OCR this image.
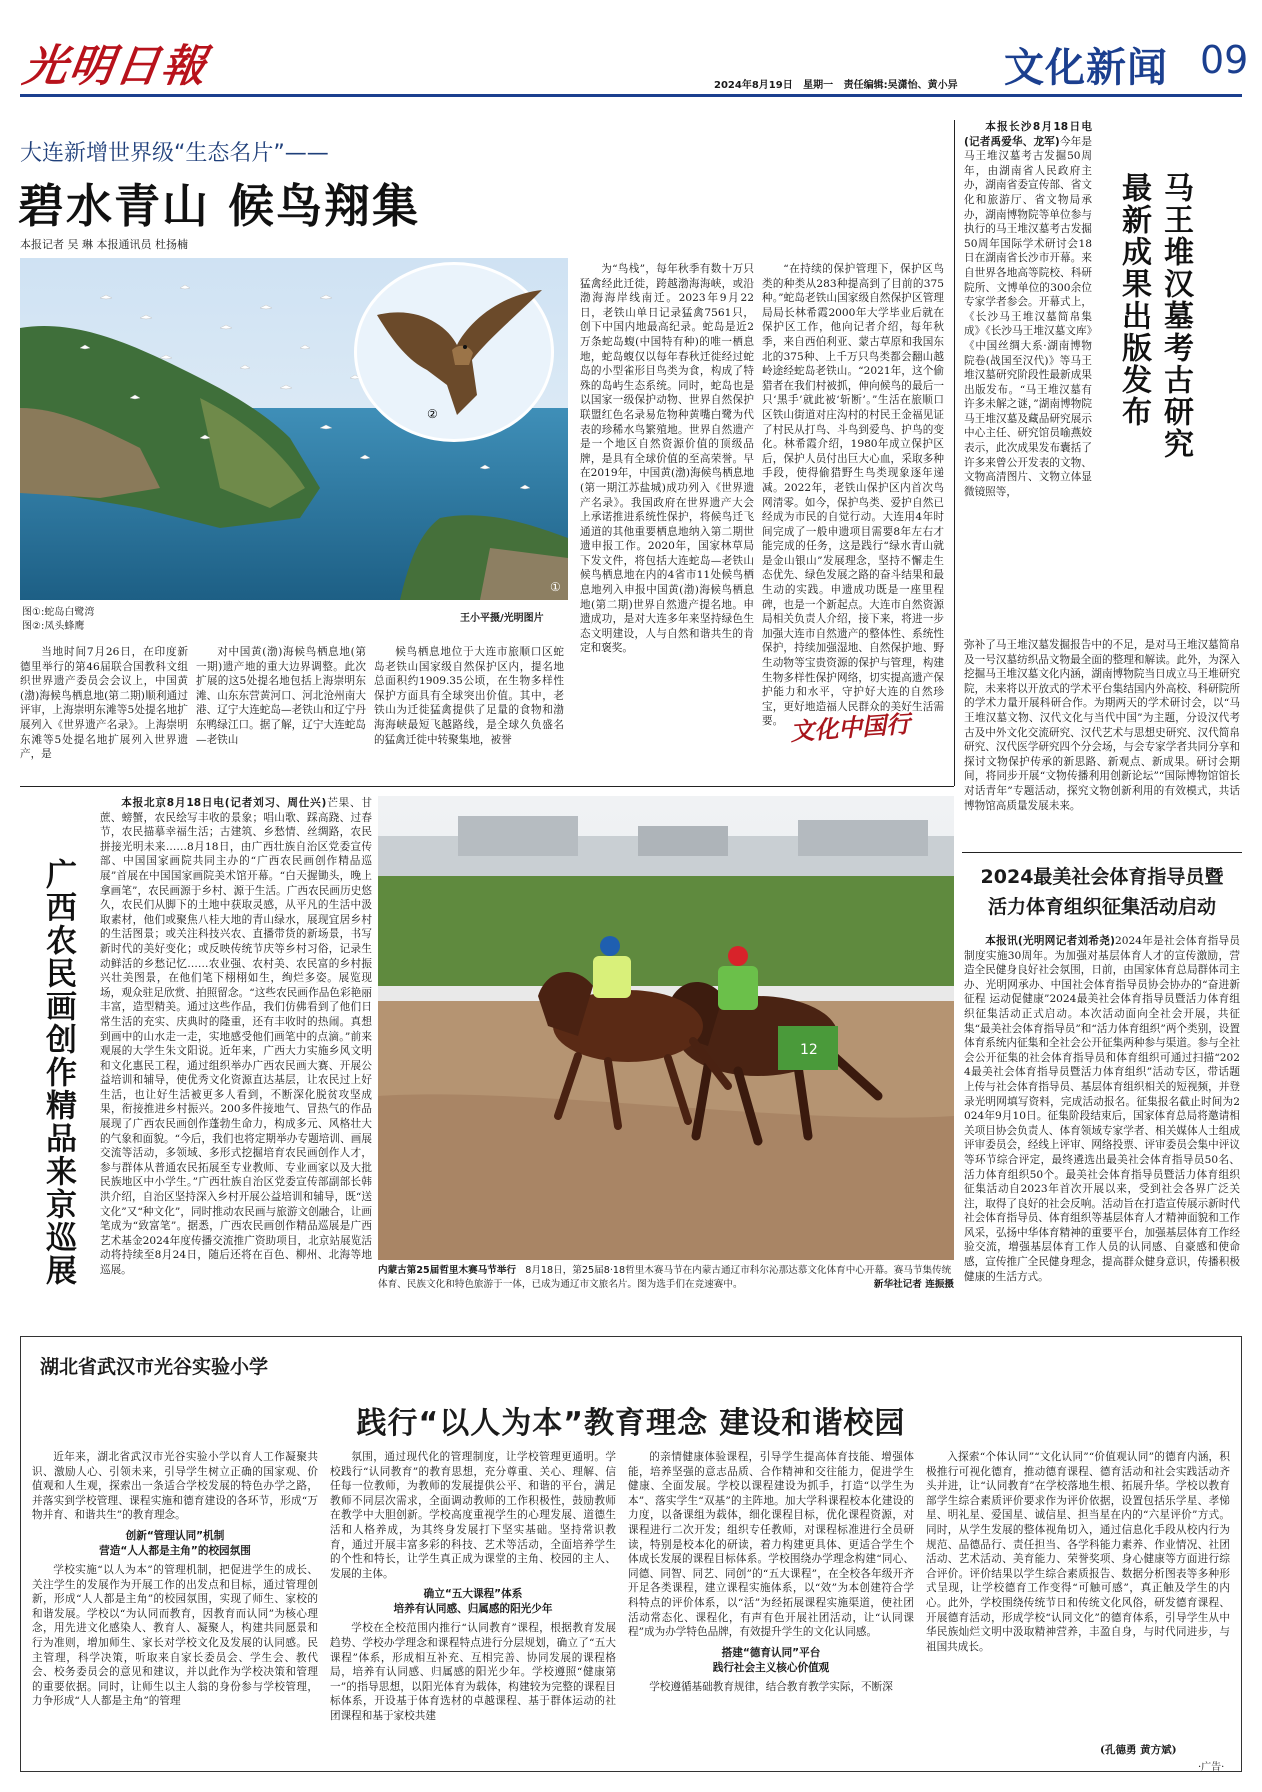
光明日報	2024年8月19日 星期一 责任编辑:吴潇怡、黄小异 文化新闻 09
大连新增世界级“生态名片”——
碧水青山 候鸟翔集
本报记者 吴 琳 本报通讯员 杜扬楠
②
①
图①:蛇岛白鹭湾
图②:凤头蜂鹰
王小平摄/光明图片

当地时间7月26日，在印度新德里举行的第46届联合国教科文组织世界遗产委员会会议上，中国黄(渤)海候鸟栖息地(第二期)顺利通过评审，上海崇明东滩等5处提名地扩展列入《世界遗产名录》。上海崇明东滩等5处提名地扩展列入世界遗产，是

对中国黄(渤)海候鸟栖息地(第一期)遗产地的重大边界调整。此次扩展的这5处提名地包括上海崇明东滩、山东东营黄河口、河北沧州南大港、辽宁大连蛇岛—老铁山和辽宁丹东鸭绿江口。据了解，辽宁大连蛇岛—老铁山

候鸟栖息地位于大连市旅顺口区蛇岛老铁山国家级自然保护区内，提名地总面积约1909.35公顷，在生物多样性保护方面具有全球突出价值。其中，老铁山为迁徙猛禽提供了足量的食物和渤海海峡最短飞越路线，是全球久负盛名的猛禽迁徙中转聚集地，被誉

为“鸟栈”，每年秋季有数十万只猛禽经此迁徙，跨越渤海海峡，或沿渤海海岸线南迁。2023年9月22日，老铁山单日记录猛禽7561只，创下中国内地最高纪录。蛇岛是近2万条蛇岛蝮(中国特有种)的唯一栖息地，蛇岛蝮仅以每年春秋迁徙经过蛇岛的小型雀形目鸟类为食，构成了特殊的岛屿生态系统。同时，蛇岛也是以国家一级保护动物、世界自然保护联盟红色名录易危物种黄嘴白鹭为代表的珍稀水鸟繁殖地。世界自然遗产是一个地区自然资源价值的顶级品牌，是具有全球价值的至高荣誉。早在2019年，中国黄(渤)海候鸟栖息地(第一期江苏盐城)成功列入《世界遗产名录》。我国政府在世界遗产大会上承诺推进系统性保护，将候鸟迁飞通道的其他重要栖息地纳入第二期世遗申报工作。2020年，国家林草局下发文件，将包括大连蛇岛—老铁山候鸟栖息地在内的4省市11处候鸟栖息地列入申报中国黄(渤)海候鸟栖息地(第二期)世界自然遗产提名地。申遗成功，是对大连多年来坚持绿色生态文明建设，人与自然和谐共生的肯定和褒奖。

“在持续的保护管理下，保护区鸟类的种类从283种提高到了目前的375种。”蛇岛老铁山国家级自然保护区管理局局长林希霞2000年大学毕业后就在保护区工作，他向记者介绍，每年秋季，来自西伯利亚、蒙古草原和我国东北的375种、上千万只鸟类都会翻山越岭途经蛇岛老铁山。“2021年，这个偷猎者在我们村被抓，伸向候鸟的最后一只‘黑手’就此被‘斩断’。”生活在旅顺口区铁山街道对庄沟村的村民王金福见证了村民从打鸟、斗鸟到爱鸟、护鸟的变化。林希霞介绍，1980年成立保护区后，保护人员付出巨大心血，采取多种手段，使得偷猎野生鸟类现象逐年递减。2022年，老铁山保护区内首次鸟网清零。如今，保护鸟类、爱护自然已经成为市民的自觉行动。大连用4年时间完成了一般申遗项目需要8年左右才能完成的任务，这是践行“绿水青山就是金山银山”发展理念，坚持不懈走生态优先、绿色发展之路的奋斗结果和最生动的实践。申遗成功既是一座里程碑，也是一个新起点。大连市自然资源局相关负责人介绍，接下来，将进一步加强大连市自然遗产的整体性、系统性保护，持续加强湿地、自然保护地、野生动物等宝贵资源的保护与管理，构建生物多样性保护网络，切实提高遗产保护能力和水平，守护好大连的自然珍宝，更好地造福人民群众的美好生活需要。 文化中国行

本报长沙8月18日电(记者禹爱华、龙军)今年是马王堆汉墓考古发掘50周年，由湖南省人民政府主办，湖南省委宣传部、省文化和旅游厅、省文物局承办，湖南博物院等单位参与执行的马王堆汉墓考古发掘50周年国际学术研讨会18日在湖南省长沙市开幕。来自世界各地高等院校、科研院所、文博单位的300余位专家学者参会。开幕式上，《长沙马王堆汉墓简帛集成》《长沙马王堆汉墓文库》《中国丝绸大系·湖南博物院卷(战国至汉代)》等马王堆汉墓研究阶段性最新成果出版发布。“马王堆汉墓有许多未解之谜，”湖南博物院马王堆汉墓及藏品研究展示中心主任、研究馆员喻燕姣表示，此次成果发布囊括了许多来曾公开发表的文物、文物高清图片、文物立体显微镜照等，

马王堆汉墓考古研究
最新成果出版发布

弥补了马王堆汉墓发掘报告中的不足，是对马王堆汉墓简帛及一号汉墓纺织品文物最全面的整理和解读。此外，为深入挖掘马王堆汉墓文化内涵，湖南博物院当日成立马王堆研究院，未来将以开放式的学术平台集结国内外高校、科研院所的学术力量开展科研合作。为期两天的学术研讨会，以“马王堆汉墓文物、汉代文化与当代中国”为主题，分设汉代考古及中外文化交流研究、汉代艺术与思想史研究、汉代简帛研究、汉代医学研究四个分会场，与会专家学者共同分享和探讨文物保护传承的新思路、新观点、新成果。研讨会期间，将同步开展“文物传播利用创新论坛”“国际博物馆馆长对话青年”专题活动，探究文物创新利用的有效模式，共话博物馆高质量发展未来。

广西农民画创作精品来京巡展

本报北京8月18日电(记者刘习、周仕兴)芒果、甘蔗、螃蟹，农民绘写丰收的景象；唱山歌、踩高跷、过春节，农民描摹幸福生活；古建筑、乡愁情、丝绸路，农民拼接光明未来……8月18日，由广西壮族自治区党委宣传部、中国国家画院共同主办的“广西农民画创作精品巡展”首展在中国国家画院美术馆开幕。“白天握锄头，晚上拿画笔”，农民画源于乡村、源于生活。广西农民画历史悠久，农民们从脚下的土地中获取灵感，从平凡的生活中汲取素材，他们或聚焦八桂大地的青山绿水，展现宜居乡村的生活图景；或关注科技兴农、直播带货的新场景，书写新时代的美好变化；或反映传统节庆等乡村习俗，记录生动鲜活的乡愁记忆……农业强、农村美、农民富的乡村振兴壮美图景，在他们笔下栩栩如生，绚烂多姿。展览现场，观众驻足欣赏、拍照留念。“这些农民画作品色彩艳丽丰富，造型精美。通过这些作品，我们仿佛看到了他们日常生活的充实、庆典时的隆重，还有丰收时的热闹。真想到画中的山水走一走，实地感受他们画笔中的点滴。”前来观展的大学生朱文阳说。近年来，广西大力实施乡风文明和文化惠民工程，通过组织举办广西农民画大赛、开展公益培训和辅导，使优秀文化资源直达基层，让农民过上好生活，也让好生活被更多人看到，不断深化脱贫攻坚成果，衔接推进乡村振兴。200多件接地气、冒热气的作品展现了广西农民画创作蓬勃生命力，构成多元、风格壮大的气象和面貌。“今后，我们也将定期举办专题培训、画展交流等活动，多领域、多形式挖掘培育农民画创作人才，参与群体从普通农民拓展至专业教师、专业画家以及大批民族地区中小学生。”广西壮族自治区党委宣传部副部长韩洪介绍，自治区坚持深入乡村开展公益培训和辅导，既“送文化”又“种文化”，同时推动农民画与旅游文创融合，让画笔成为“致富笔”。据悉，广西农民画创作精品巡展是广西艺术基金2024年度传播交流推广资助项目，北京站展览活动将持续至8月24日，随后还将在百色、柳州、北海等地巡展。

12
内蒙古第25届哲里木赛马节举行 8月18日，第25届8·18哲里木赛马节在内蒙古通辽市科尔沁那达慕文化体育中心开幕。赛马节集传统体育、民族文化和特色旅游于一体，已成为通辽市文旅名片。图为选手们在竞速赛中。	新华社记者 连振摄
2024最美社会体育指导员暨
活力体育组织征集活动启动

本报讯(光明网记者刘希尧)2024年是社会体育指导员制度实施30周年。为加强对基层体育人才的宣传激励，营造全民健身良好社会氛围，日前，由国家体育总局群体司主办、光明网承办、中国社会体育指导员协会协办的“奋进新征程 运动促健康”2024最美社会体育指导员暨活力体育组织征集活动正式启动。本次活动面向全社会开展，共征集“最美社会体育指导员”和“活力体育组织”两个类别，设置体育系统内征集和全社会公开征集两种参与渠道。参与全社会公开征集的社会体育指导员和体育组织可通过扫描“2024最美社会体育指导员暨活力体育组织”活动专区，带话题上传与社会体育指导员、基层体育组织相关的短视频，并登录光明网填写资料，完成活动报名。征集报名截止时间为2024年9月10日。征集阶段结束后，国家体育总局将邀请相关项目协会负责人、体育领域专家学者、相关媒体人士组成评审委员会，经线上评审、网络投票、评审委员会集中评议等环节综合评定，最终遴选出最美社会体育指导员50名、活力体育组织50个。最美社会体育指导员暨活力体育组织征集活动自2023年首次开展以来，受到社会各界广泛关注，取得了良好的社会反响。活动旨在打造宣传展示新时代社会体育指导员、体育组织等基层体育人才精神面貌和工作风采，弘扬中华体育精神的重要平台，加强基层体育工作经验交流，增强基层体育工作人员的认同感、自豪感和使命感，宣传推广全民健身理念，提高群众健身意识，传播积极健康的生活方式。

湖北省武汉市光谷实验小学
践行“以人为本”教育理念 建设和谐校园

近年来，湖北省武汉市光谷实验小学以育人工作凝聚共识、激励人心、引领未来，引导学生树立正确的国家观、价值观和人生观，探索出一条适合学校发展的特色办学之路，并落实到学校管理、课程实施和德育建设的各环节，形成“万物并育、和谐共生”的教育理念。

创新“管理认同”机制
营造“人人都是主角”的校园氛围

学校实施“以人为本”的管理机制，把促进学生的成长、关注学生的发展作为开展工作的出发点和目标，通过管理创新，形成“人人都是主角”的校园氛围，实现了师生、家校的和谐发展。学校以“为认同而教育，因教育而认同”为核心理念，用先进文化感染人、教育人、凝聚人，构建共同愿景和行为准则，增加师生、家长对学校文化及发展的认同感。民主管理，科学决策，听取来自家长委员会、学生会、教代会、校务委员会的意见和建议，并以此作为学校决策和管理的重要依据。同时，让师生以主人翁的身份参与学校管理，力争形成“人人都是主角”的管理

氛围，通过现代化的管理制度，让学校管理更通明。学校践行“认同教育”的教育思想，充分尊重、关心、理解、信任每一位教师，为教师的发展提供公平、和谐的平台，满足教师不同层次需求，全面调动教师的工作积极性，鼓励教师在教学中大胆创新。学校高度重视学生的心理发展、道德生活和人格养成，为其终身发展打下坚实基础。坚持常识教育，通过开展丰富多彩的科技、艺术等活动，全面培养学生的个性和特长，让学生真正成为课堂的主角、校园的主人、发展的主体。

确立“五大课程”体系
培养有认同感、归属感的阳光少年

学校在全校范围内推行“认同教育”课程，根据教育发展趋势、学校办学理念和课程特点进行分层规划，确立了“五大课程”体系，形成相互补充、互相完善、协同发展的课程格局，培养有认同感、归属感的阳光少年。学校遵照“健康第一”的指导思想，以阳光体育为载体，构建较为完整的课程目标体系，开设基于体育选材的卓越课程、基于群体运动的社团课程和基于家校共建

的亲情健康体验课程，引导学生提高体育技能、增强体能，培养坚强的意志品质、合作精神和交往能力，促进学生健康、全面发展。学校以课程建设为抓手，打造“以学生为本”、落实学生“双基”的主阵地。加大学科课程校本化建设的力度，以备课组为载体，细化课程目标，优化课程资源，对课程进行二次开发；组织专任教师，对课程标准进行全员研读，特别是校本化的研读，着力构建更具体、更适合学生个体成长发展的课程目标体系。学校围绕办学理念构建“同心、同德、同智、同艺、同创”的“五大课程”，在全校各年级开齐开足各类课程，建立课程实施体系，以“效”为本创建符合学科特点的评价体系，以“活”为经拓展课程实施渠道，使社团活动常态化、课程化，有声有色开展社团活动，让“认同课程”成为办学特色品牌，有效提升学生的文化认同感。

搭建“德育认同”平台
践行社会主义核心价值观

学校遵循基础教育规律，结合教育教学实际，不断深

入探索“个体认同”“文化认同”“价值观认同”的德育内涵，积极推行可视化德育，推动德育课程、德育活动和社会实践活动齐头并进，让“认同教育”在学校落地生根、拓展升华。学校以教育部学生综合素质评价要求作为评价依据，设置包括乐学星、孝悌星、明礼星、爱国星、诚信星、担当星在内的“六星评价”方式。同时，从学生发展的整体视角切入，通过信息化手段从校内行为规范、品德品行、责任担当、各学科能力素养、作业情况、社团活动、艺术活动、美育能力、荣誉奖项、身心健康等方面进行综合评价。评价结果以学生综合素质报告、数据分析图表等多种形式呈现，让学校德育工作变得“可触可感”，真正触及学生的内心。此外，学校围绕传统节日和传统文化风俗，研发德育课程、开展德育活动，形成学校“认同文化”的德育体系，引导学生从中华民族灿烂文明中汲取精神营养，丰盈自身，与时代同进步，与祖国共成长。

(孔德勇 黄方斌)
·广告·
